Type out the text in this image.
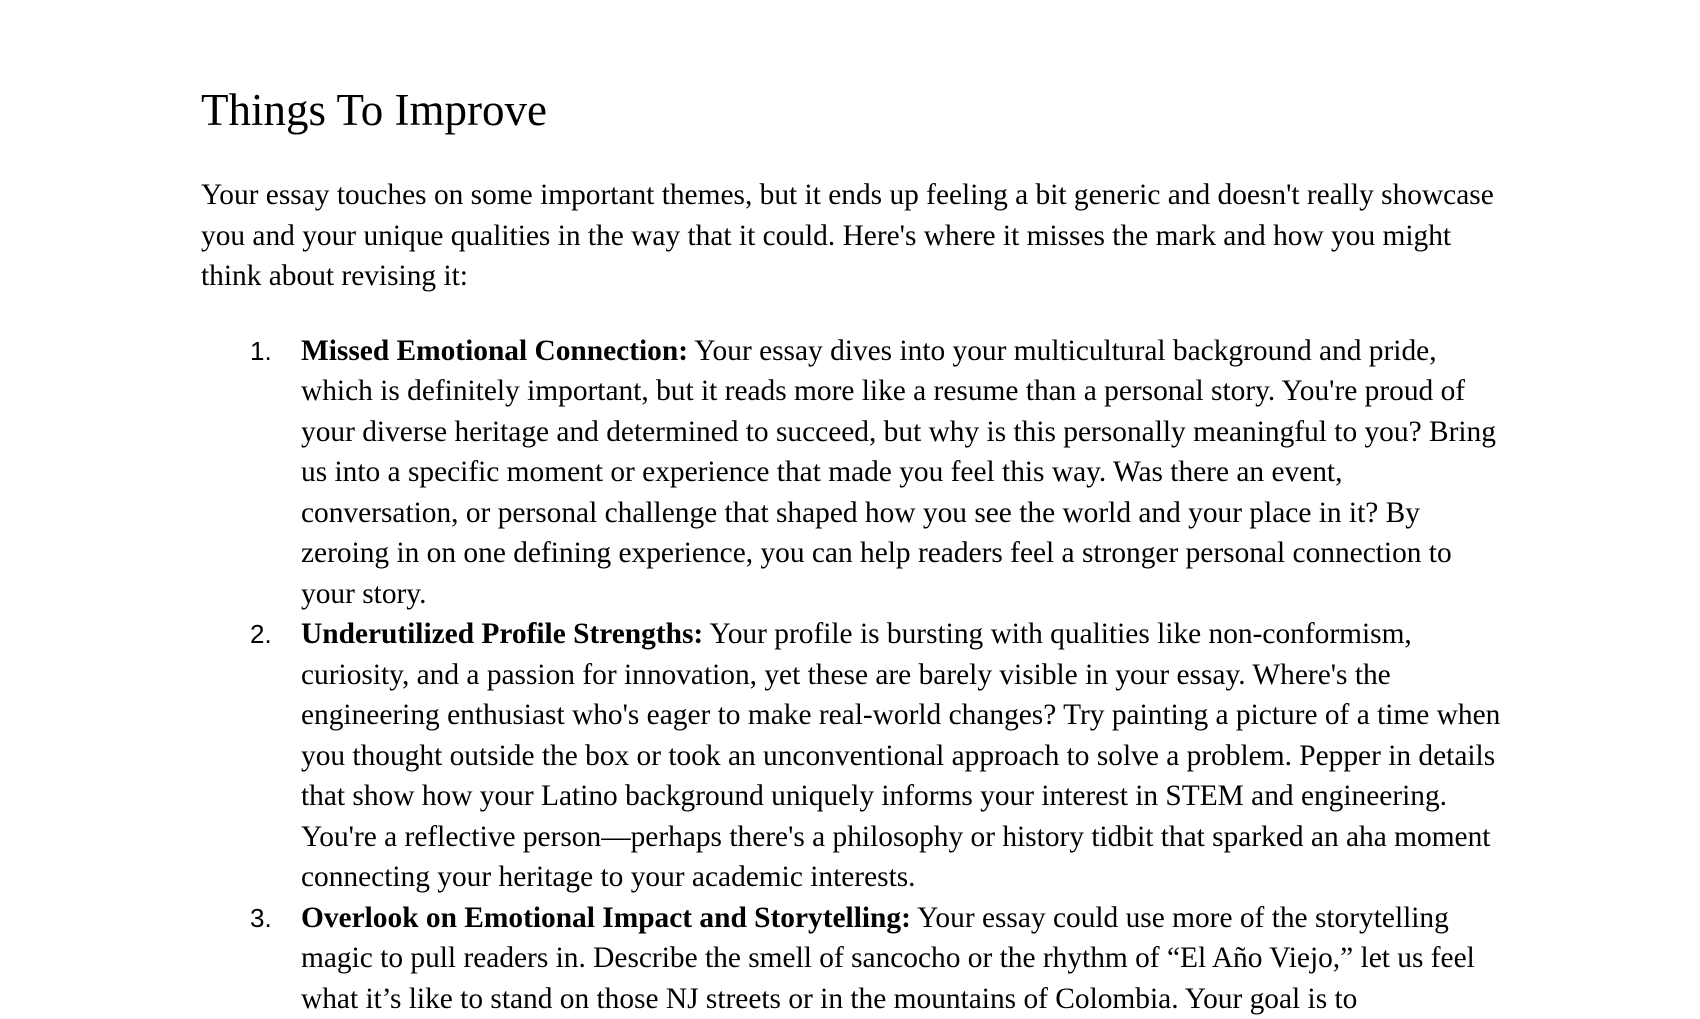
Things To Improve

Your essay touches on some important themes, but it ends up feeling a bit generic and doesn't really showcase you and your unique qualities in the way that it could. Here's where it misses the mark and how you might think about revising it:

1. Missed Emotional Connection: Your essay dives into your multicultural background and pride, which is definitely important, but it reads more like a resume than a personal story. You're proud of your diverse heritage and determined to succeed, but why is this personally meaningful to you? Bring us into a specific moment or experience that made you feel this way. Was there an event, conversation, or personal challenge that shaped how you see the world and your place in it? By zeroing in on one defining experience, you can help readers feel a stronger personal connection to your story.
2. Underutilized Profile Strengths: Your profile is bursting with qualities like non-conformism, curiosity, and a passion for innovation, yet these are barely visible in your essay. Where's the engineering enthusiast who's eager to make real-world changes? Try painting a picture of a time when you thought outside the box or took an unconventional approach to solve a problem. Pepper in details that show how your Latino background uniquely informs your interest in STEM and engineering. You're a reflective person—perhaps there's a philosophy or history tidbit that sparked an aha moment connecting your heritage to your academic interests.
3. Overlook on Emotional Impact and Storytelling: Your essay could use more of the storytelling magic to pull readers in. Describe the smell of sancocho or the rhythm of “El Año Viejo,” let us feel what it’s like to stand on those NJ streets or in the mountains of Colombia. Your goal is to
